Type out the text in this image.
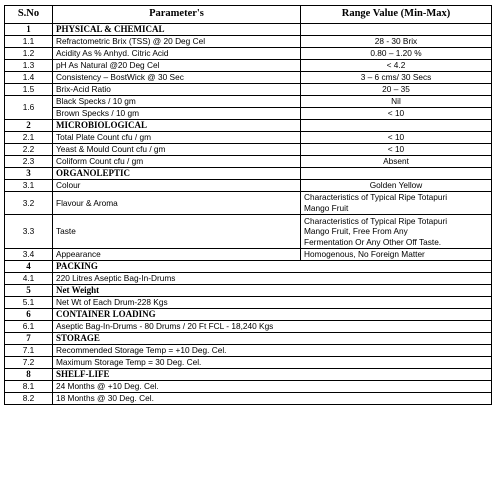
S.No	Parameter's	Range Value (Min-Max)
1	PHYSICAL & CHEMICAL	
1.1	Refractometric Brix (TSS) @ 20 Deg Cel	28 - 30 Brix
1.2	Acidity As % Anhyd. Citric Acid	0.80 – 1.20 %
1.3	pH As Natural @20 Deg Cel	< 4.2
1.4	Consistency – BostWick @ 30 Sec	3 – 6 cms/ 30 Secs
1.5	Brix-Acid Ratio	20 – 35
1.6	Black Specks / 10 gm	Nil
	Brown Specks / 10 gm	< 10
2	MICROBIOLOGICAL	
2.1	Total Plate Count cfu / gm	< 10
2.2	Yeast & Mould Count cfu / gm	< 10
2.3	Coliform Count cfu / gm	Absent
3	ORGANOLEPTIC	
3.1	Colour	Golden Yellow
3.2	Flavour & Aroma	Characteristics of Typical Ripe Totapuri
Mango Fruit

3.3	Taste	Characteristics of Typical Ripe Totapuri
Mango Fruit, Free From Any
Fermentation Or Any Other Off Taste.

3.4	Appearance	Homogenous, No Foreign Matter
4	PACKING	
4.1	220 Litres Aseptic Bag-In-Drums	
5	Net Weight	
5.1	Net Wt of Each Drum-228 Kgs	
6	CONTAINER LOADING	
6.1	Aseptic Bag-In-Drums - 80 Drums / 20 Ft FCL - 18,240 Kgs	
7	STORAGE	
7.1	Recommended Storage Temp = +10 Deg. Cel.	
7.2	Maximum Storage Temp = 30 Deg. Cel.	
8	SHELF-LIFE	
8.1	24 Months @ +10 Deg. Cel.	
8.2	18 Months @ 30 Deg. Cel.	
